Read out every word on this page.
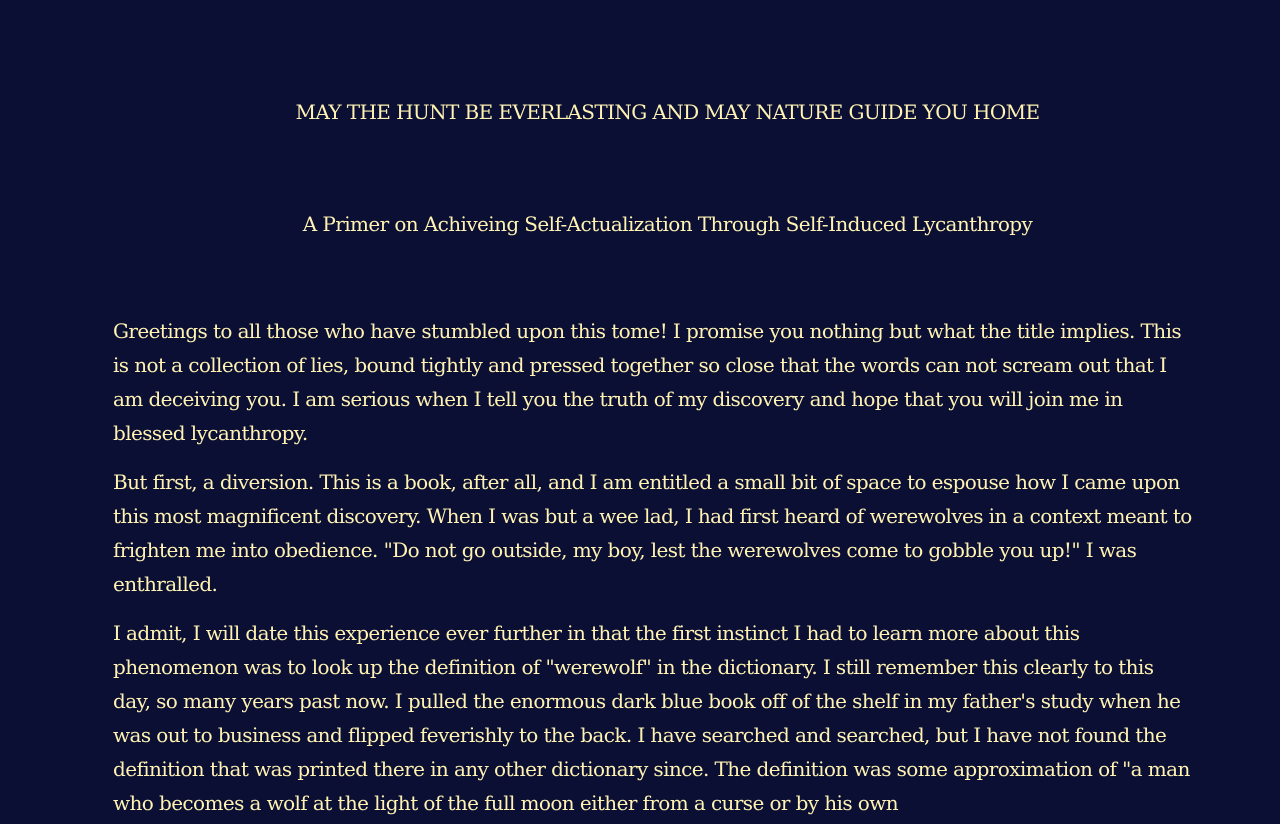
MAY THE HUNT BE EVERLASTING AND MAY NATURE GUIDE YOU HOME
A Primer on Achiveing Self-Actualization Through Self-Induced Lycanthropy

Greetings to all those who have stumbled upon this tome! I promise you nothing but what the title implies. This is not a collection of lies, bound tightly and pressed together so close that the words can not scream out that I am deceiving you. I am serious when I tell you the truth of my discovery and hope that you will join me in blessed lycanthropy.

But first, a diversion. This is a book, after all, and I am entitled a small bit of space to espouse how I came upon this most magnificent discovery. When I was but a wee lad, I had first heard of werewolves in a context meant to frighten me into obedience. "Do not go outside, my boy, lest the werewolves come to gobble you up!" I was enthralled.

I admit, I will date this experience ever further in that the first instinct I had to learn more about this phenomenon was to look up the definition of "werewolf" in the dictionary. I still remember this clearly to this day, so many years past now. I pulled the enormous dark blue book off of the shelf in my father's study when he was out to business and flipped feverishly to the back. I have searched and searched, but I have not found the definition that was printed there in any other dictionary since. The definition was some approximation of "a man who becomes a wolf at the light of the full moon either from a curse or by his own
